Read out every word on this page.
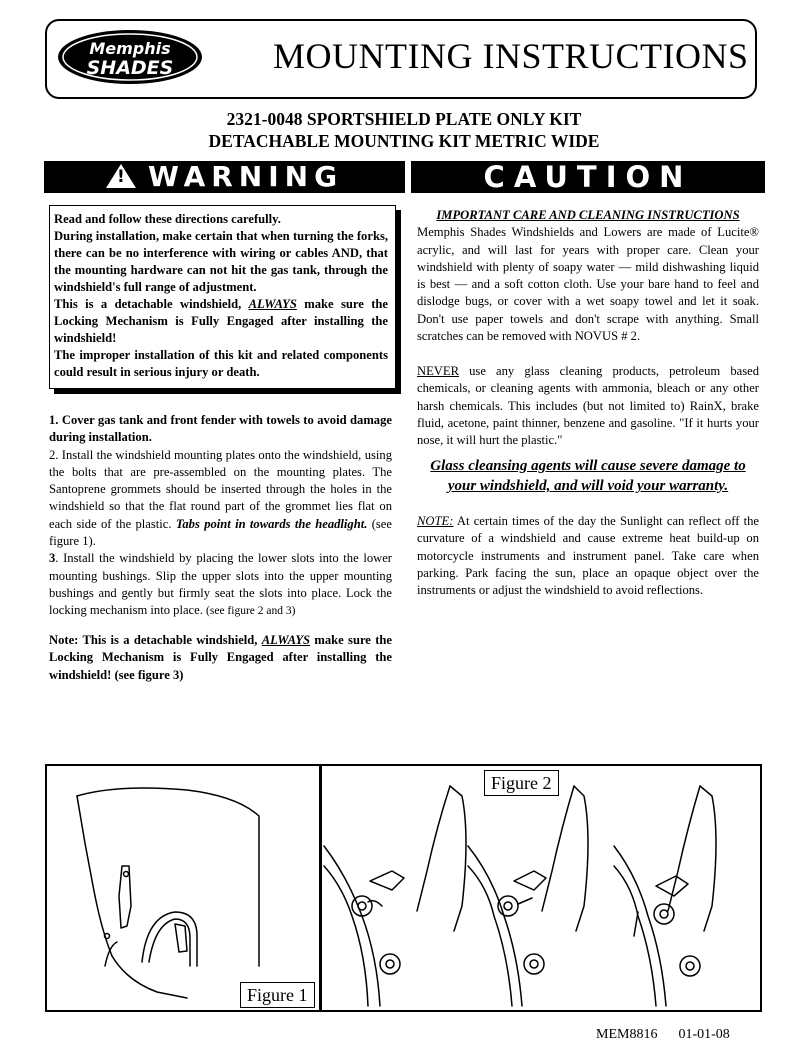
Memphis
SHADES	MOUNTING INSTRUCTIONS
2321-0048 SPORTSHIELD PLATE ONLY KIT
DETACHABLE MOUNTING KIT METRIC WIDE
! WARNING	CAUTION

Read and follow these directions carefully.

During installation, make certain that when turning the forks, there can be no interference with wiring or cables AND, that the mounting hardware can not hit the gas tank, through the windshield's full range of adjustment.

This is a detachable windshield, ALWAYS make sure the Locking Mechanism is Fully Engaged after installing the windshield!

The improper installation of this kit and related components could result in serious injury or death.

1. Cover gas tank and front fender with towels to avoid damage during installation.

2. Install the windshield mounting plates onto the windshield, using the bolts that are pre-assembled on the mounting plates. The Santoprene grommets should be inserted through the holes in the windshield so that the flat round part of the grommet lies flat on each side of the plastic. Tabs point in towards the headlight. (see figure 1).

3. Install the windshield by placing the lower slots into the lower mounting bushings. Slip the upper slots into the upper mounting bushings and gently but firmly seat the slots into place. Lock the locking mechanism into place. (see figure 2 and 3)

Note: This is a detachable windshield, ALWAYS make sure the Locking Mechanism is Fully Engaged after installing the windshield! (see figure 3)

IMPORTANT CARE AND CLEANING INSTRUCTIONS

Memphis Shades Windshields and Lowers are made of Lucite® acrylic, and will last for years with proper care. Clean your windshield with plenty of soapy water — mild dishwashing liquid is best — and a soft cotton cloth. Use your bare hand to feel and dislodge bugs, or cover with a wet soapy towel and let it soak. Don't use paper towels and don't scrape with anything. Small scratches can be removed with NOVUS # 2.

NEVER use any glass cleaning products, petroleum based chemicals, or cleaning agents with ammonia, bleach or any other harsh chemicals. This includes (but not limited to) RainX, brake fluid, acetone, paint thinner, benzene and gasoline. "If it hurts your nose, it will hurt the plastic."

Glass cleansing agents will cause severe damage to your windshield, and will void your warranty.

NOTE: At certain times of the day the Sunlight can reflect off the curvature of a windshield and cause extreme heat build-up on motorcycle instruments and instrument panel. Take care when parking. Park facing the sun, place an opaque object over the instruments or adjust the windshield to avoid reflections.

Figure 1
Figure 2
MEM8816 01-01-08
